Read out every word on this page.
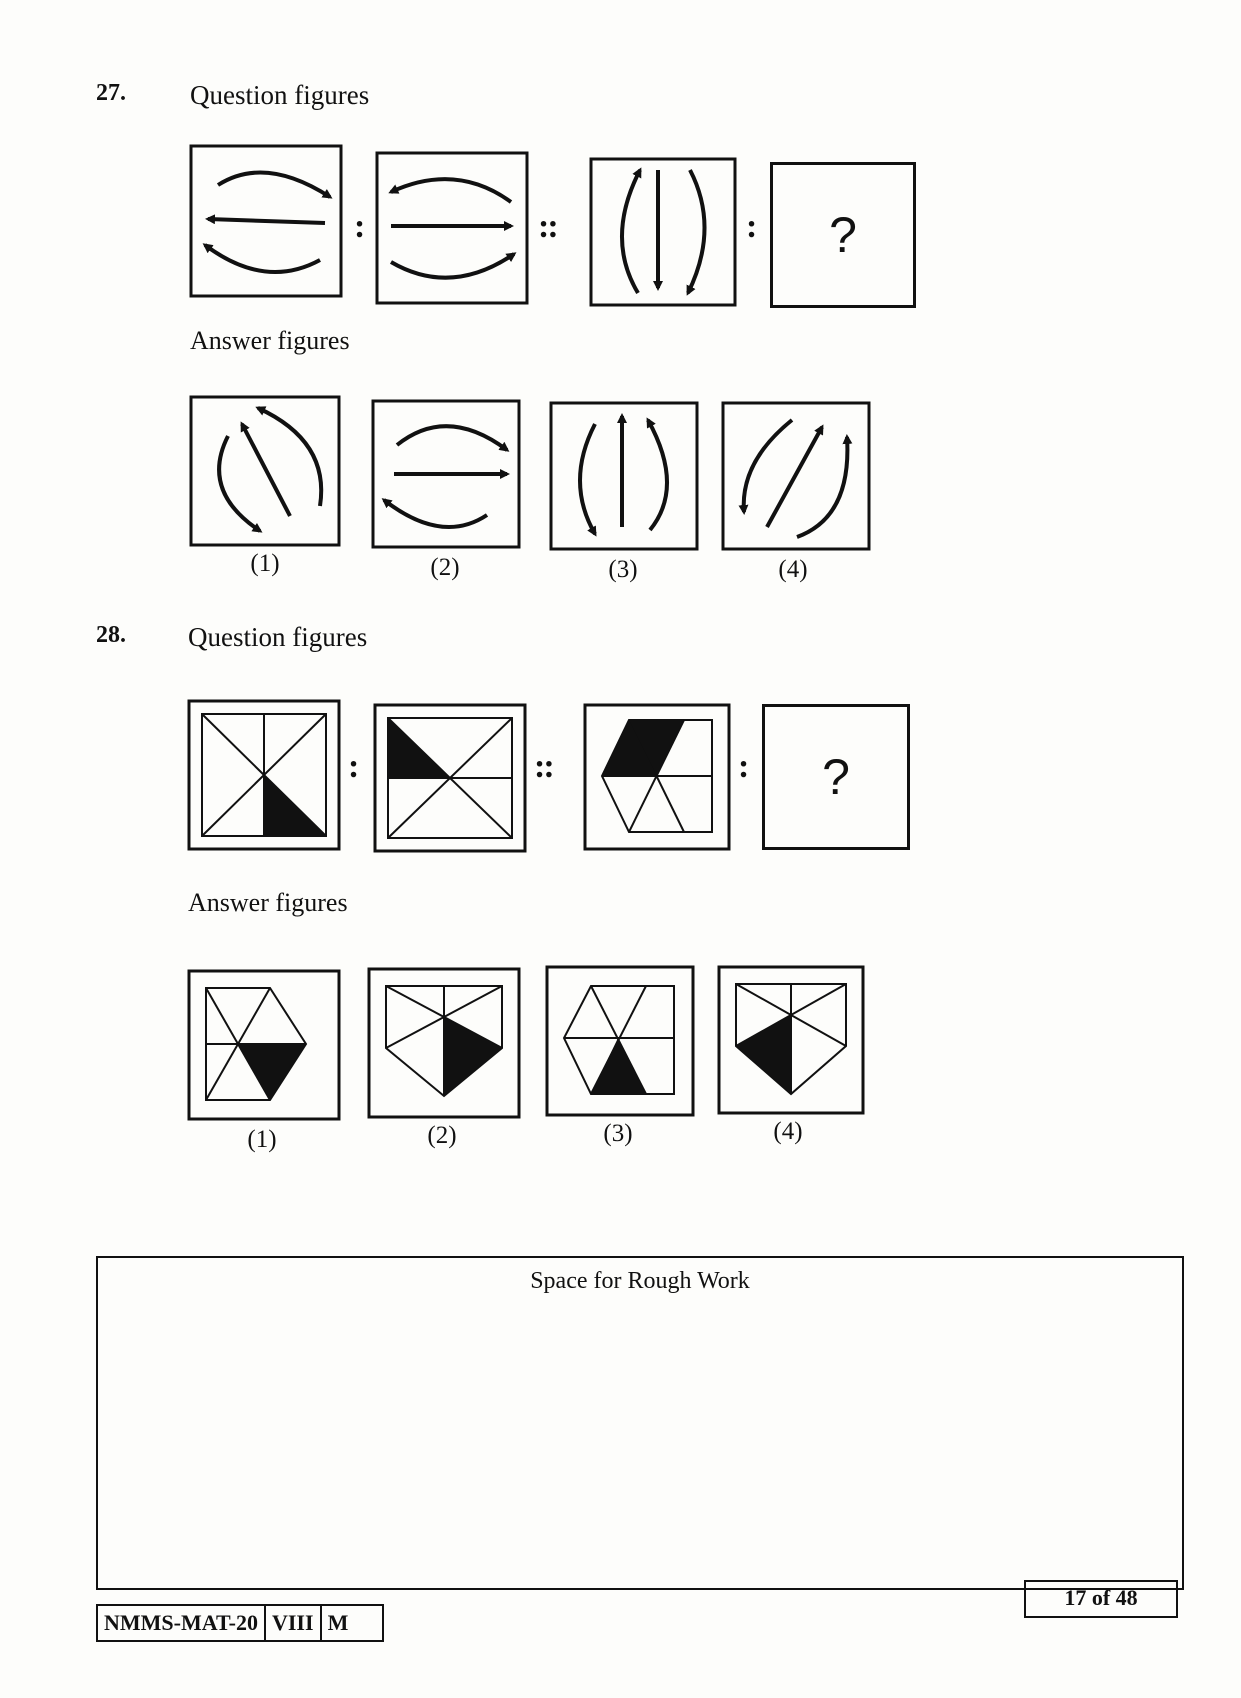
27. Question figures
:	::	: ?
Answer figures
(1)	(2)	(3)	(4)
28. Question figures
:	::	: ?
Answer figures
(1)	(2)	(3)	(4)
Space for Rough Work
NMMS-MAT-20 VIII M
17 of 48
